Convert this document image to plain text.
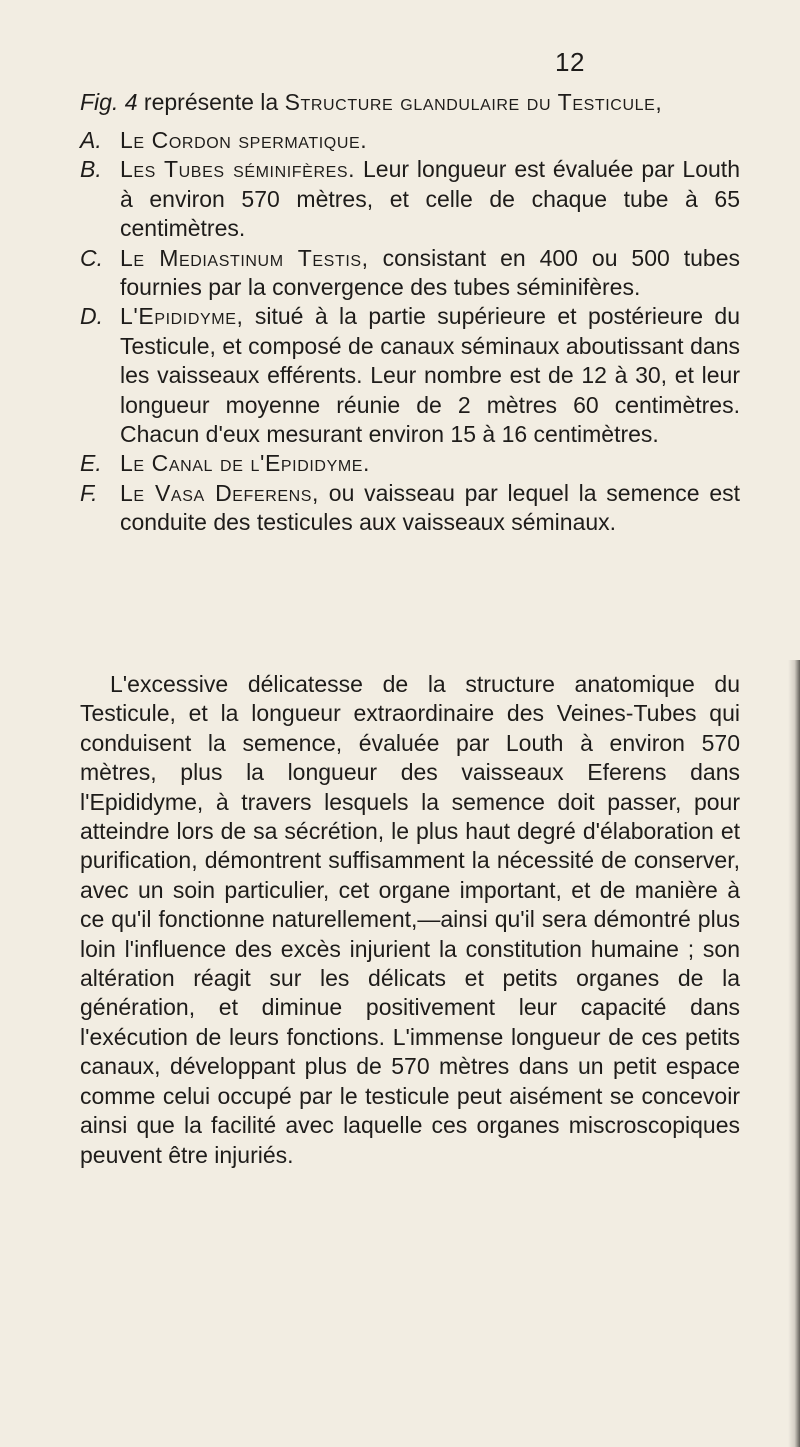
12
Fig. 4 représente la Structure glandulaire du Testicule,
A. Le Cordon spermatique.
B. Les Tubes séminifères. Leur longueur est évaluée par Louth à environ 570 mètres, et celle de chaque tube à 65 centimètres.
C. Le Mediastinum Testis, consistant en 400 ou 500 tubes fournies par la convergence des tubes séminifères.
D. L'Epididyme, situé à la partie supérieure et postérieure du Testicule, et composé de canaux séminaux aboutissant dans les vaisseaux efférents. Leur nombre est de 12 à 30, et leur longueur moyenne réunie de 2 mètres 60 centimètres. Chacun d'eux mesurant environ 15 à 16 centimètres.
E. Le Canal de l'Epididyme.
F. Le Vasa Deferens, ou vaisseau par lequel la semence est conduite des testicules aux vaisseaux séminaux.

L'excessive délicatesse de la structure anatomique du Testicule, et la longueur extraordinaire des Veines-Tubes qui conduisent la semence, évaluée par Louth à environ 570 mètres, plus la longueur des vaisseaux Eferens dans l'Epididyme, à travers lesquels la semence doit passer, pour atteindre lors de sa sécrétion, le plus haut degré d'élaboration et purification, démontrent suffisamment la nécessité de conserver, avec un soin particulier, cet organe important, et de manière à ce qu'il fonctionne naturellement,—ainsi qu'il sera démontré plus loin l'influence des excès injurient la constitution humaine ; son altération réagit sur les délicats et petits organes de la génération, et diminue positivement leur capacité dans l'exécution de leurs fonctions. L'immense longueur de ces petits canaux, développant plus de 570 mètres dans un petit espace comme celui occupé par le testicule peut aisément se concevoir ainsi que la facilité avec laquelle ces organes miscroscopiques peuvent être injuriés.
